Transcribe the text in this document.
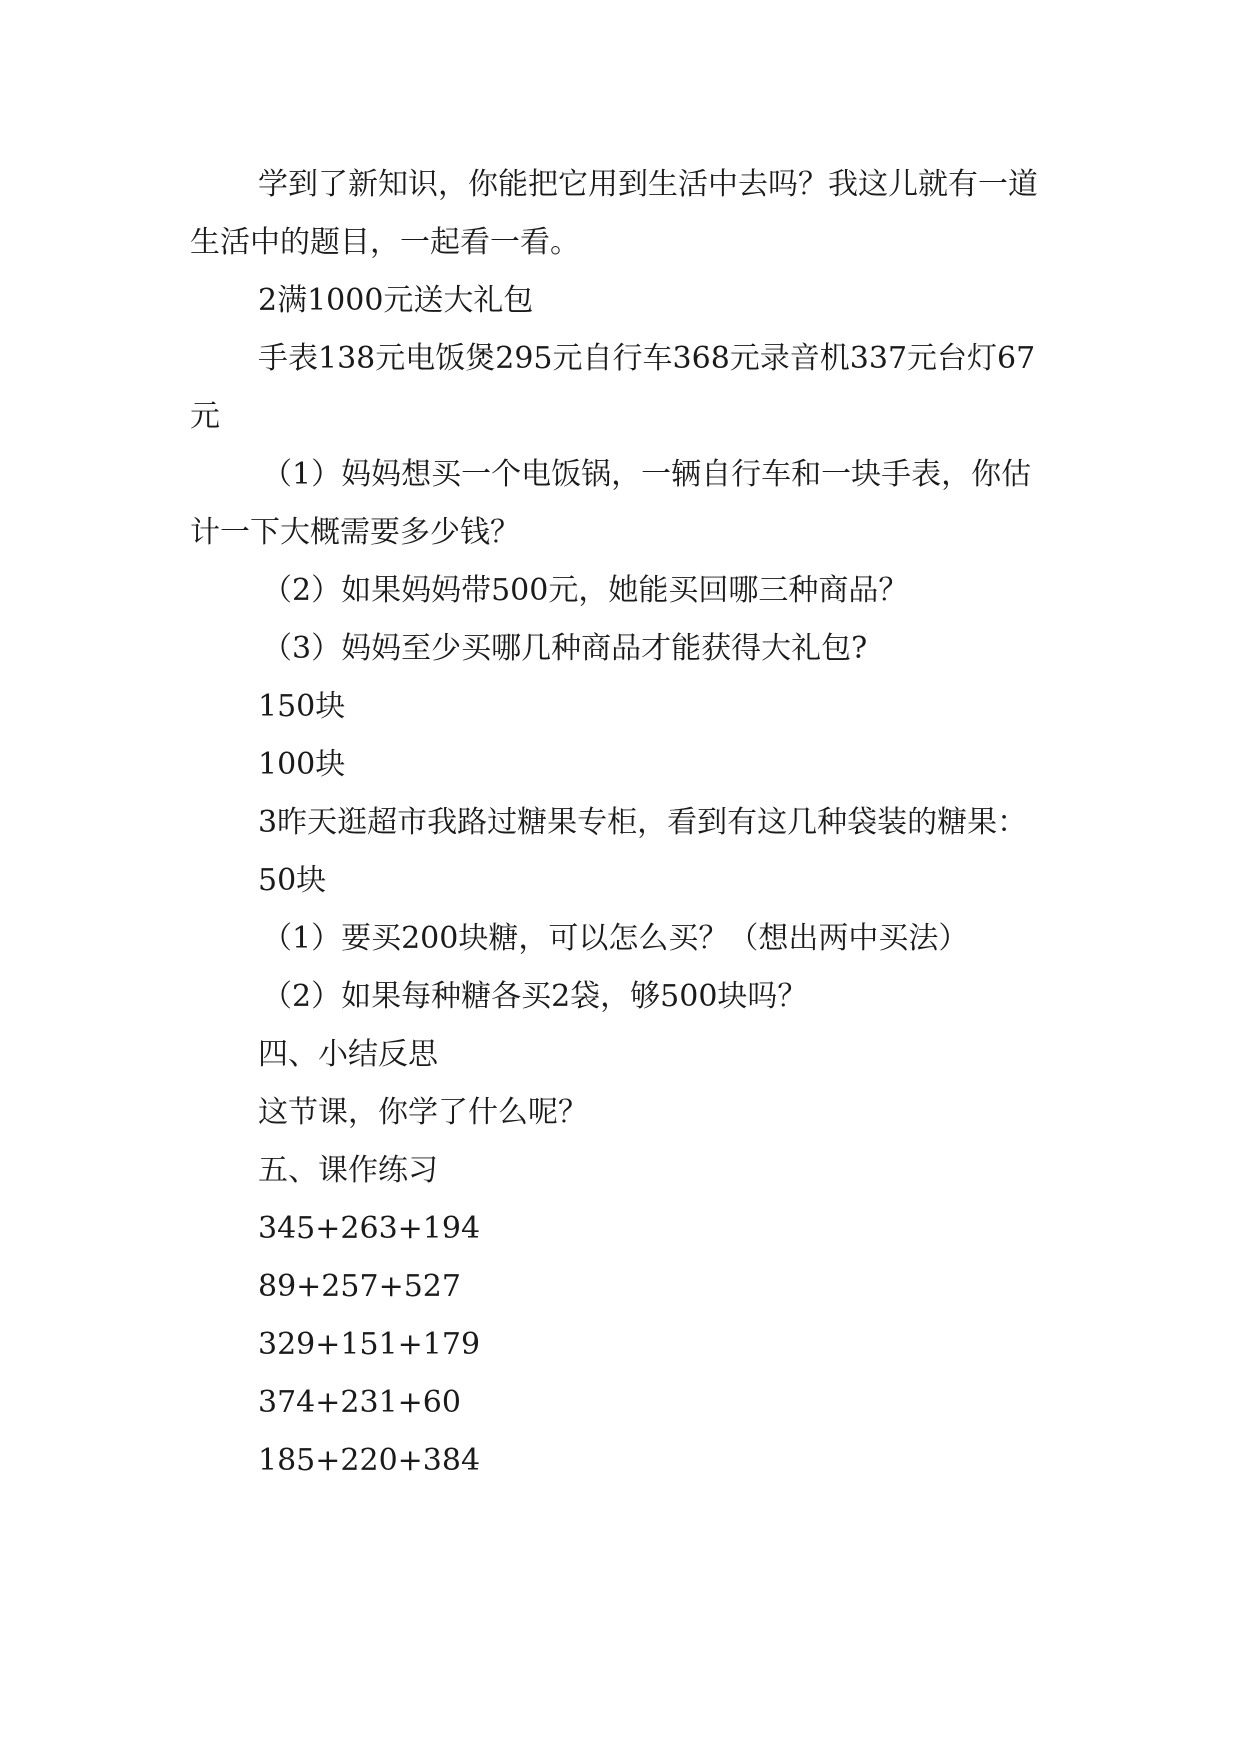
学到了新知识，你能把它用到生活中去吗？我这儿就有一道生活中的题目，一起看一看。

2满1000元送大礼包

手表138元电饭煲295元自行车368元录音机337元台灯67元

（1）妈妈想买一个电饭锅，一辆自行车和一块手表，你估计一下大概需要多少钱？

（2）如果妈妈带500元，她能买回哪三种商品？

（3）妈妈至少买哪几种商品才能获得大礼包?

150块

100块

3昨天逛超市我路过糖果专柜，看到有这几种袋装的糖果：

50块

（1）要买200块糖，可以怎么买？（想出两中买法）

（2）如果每种糖各买2袋，够500块吗？

四、小结反思

这节课，你学了什么呢？

五、课作练习

345+263+194

89+257+527

329+151+179

374+231+60

185+220+384
